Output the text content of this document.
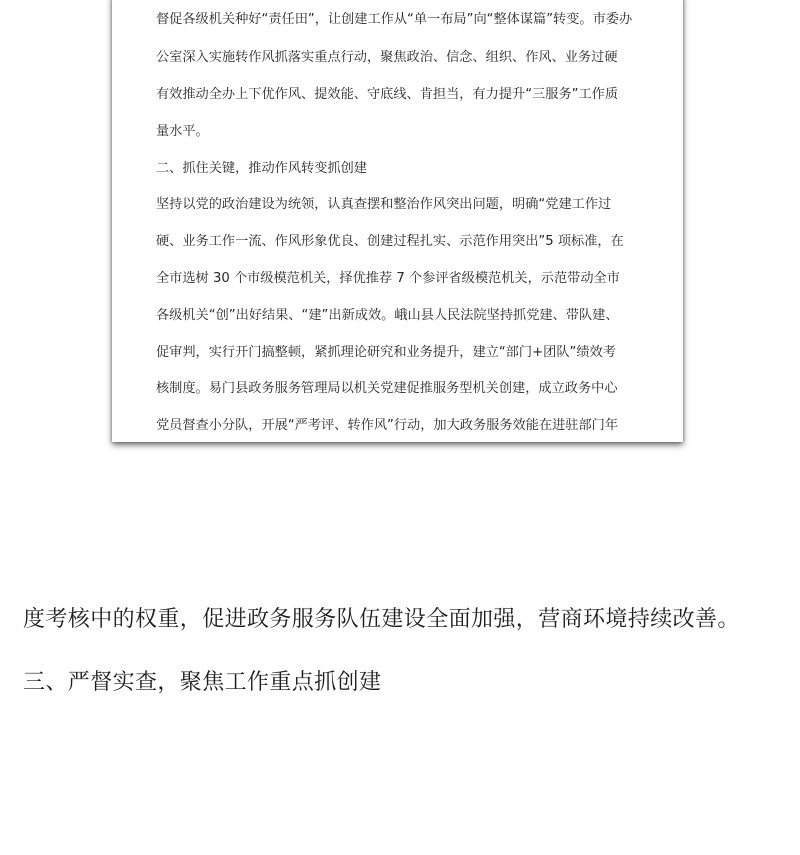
督促各级机关种好“责任田”，让创建工作从“单一布局”向“整体谋篇”转变。市委办
公室深入实施转作风抓落实重点行动，聚焦政治、信念、组织、作风、业务过硬
有效推动全办上下优作风、提效能、守底线、肯担当，有力提升“三服务”工作质
量水平。
二、抓住关键，推动作风转变抓创建
坚持以党的政治建设为统领，认真查摆和整治作风突出问题，明确“党建工作过
硬、业务工作一流、作风形象优良、创建过程扎实、示范作用突出”5 项标准，在
全市选树 30 个市级模范机关，择优推荐 7 个参评省级模范机关，示范带动全市
各级机关“创”出好结果、“建”出新成效。峨山县人民法院坚持抓党建、带队建、
促审判，实行开门搞整顿，紧抓理论研究和业务提升，建立“部门+团队”绩效考
核制度。易门县政务服务管理局以机关党建促推服务型机关创建，成立政务中心
党员督查小分队，开展“严考评、转作风”行动，加大政务服务效能在进驻部门年
度考核中的权重，促进政务服务队伍建设全面加强，营商环境持续改善。
三、严督实查，聚焦工作重点抓创建
